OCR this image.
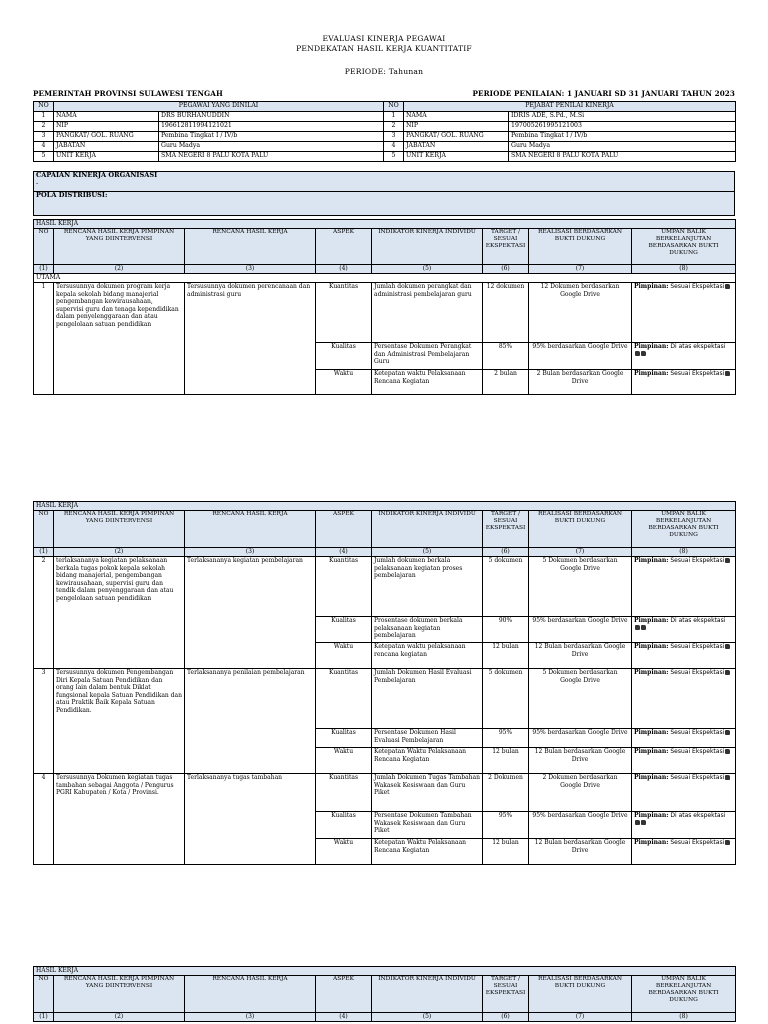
EVALUASI KINERJA PEGAWAI
PENDEKATAN HASIL KERJA KUANTITATIF
PERIODE: Tahunan
PEMERINTAH PROVINSI SULAWESI TENGAH	PERIODE PENILAIAN: 1 JANUARI SD 31 JANUARI TAHUN 2023
NO	PEGAWAI YANG DINILAI		NO	PEJABAT PENILAI KINERJA	
1	NAMA	DRS BURHANUDDIN	1	NAMA	IDRIS ADE, S.Pd., M.Si
2	NIP	196612811994121021	2	NIP	197005261995121003
3	PANGKAT/ GOL. RUANG	Pembina Tingkat I / IV/b	3	PANGKAT/ GOL. RUANG	Pembina Tingkat I / IV/b
4	JABATAN	Guru Madya	4	JABATAN	Guru Madya
5	UNIT KERJA	SMA NEGERI 8 PALU KOTA PALU	5	UNIT KERJA	SMA NEGERI 8 PALU KOTA PALU
CAPAIAN KINERJA ORGANISASI
-

POLA DISTRIBUSI:
HASIL KERJA							
NO	RENCANA HASIL KERJA PIMPINAN YANG DIINTERVENSI	RENCANA HASIL KERJA	ASPEK	INDIKATOR KINERJA INDIVIDU	TARGET / SESUAI EKSPEKTASI	REALISASI BERDASARKAN BUKTI DUKUNG	UMPAN BALIK BERKELANJUTAN BERDASARKAN BUKTI DUKUNG
(1)	(2)	(3)	(4)	(5)	(6)	(7)	(8)
UTAMA							
1	Tersusunnya dokumen program kerja kepala sekolah bidang manajerial pengembangan kewirausahaan, supervisi guru dan tenaga kependidikan dalam penyelenggaraan dan atau pengelolaan satuan pendidikan	Tersusunnya dokumen perencanaan dan administrasi guru	Kuantitas	Jumlah dokumen perangkat dan administrasi pembelajaran guru	12 dokumen	12 Dokumen berdasarkan Google Drive	Pimpinan: Sesuai Ekspektasi
			Kualitas	Persentase Dokumen Perangkat dan Administrasi Pembelajaran Guru	85%	95% berdasarkan Google Drive	Pimpinan: Di atas ekspektasi

			Waktu	Ketepatan waktu Pelaksanaan Rencana Kegiatan	2 bulan	2 Bulan berdasarkan Google Drive	Pimpinan: Sesuai Ekspektasi
HASIL KERJA							
NO	RENCANA HASIL KERJA PIMPINAN YANG DIINTERVENSI	RENCANA HASIL KERJA	ASPEK	INDIKATOR KINERJA INDIVIDU	TARGET / SESUAI EKSPEKTASI	REALISASI BERDASARKAN BUKTI DUKUNG	UMPAN BALIK BERKELANJUTAN BERDASARKAN BUKTI DUKUNG
(1)	(2)	(3)	(4)	(5)	(6)	(7)	(8)
2	terlaksananya kegiatan pelaksanaan berkala tugas pokok kepala sekolah bidang manajerial, pengembangan kewirausahaan, supervisi guru dan tendik dalam penyenggaraan dan atau pengelolaan satuan pendidikan	Terlaksananya kegiatan pembelajaran	Kuantitas	Jumlah dokumen berkala pelaksanaan kegiatan proses pembelajaran	5 dokumen	5 Dokumen berdasarkan Google Drive	Pimpinan: Sesuai Ekspektasi
			Kualitas	Prosentase dokumen berkala pelaksanaan kegiatan pembelajaran	90%	95% berdasarkan Google Drive	Pimpinan: Di atas ekspektasi

			Waktu	Ketepatan waktu pelaksanaan rencana kegiatan	12 bulan	12 Bulan berdasarkan Google Drive	Pimpinan: Sesuai Ekspektasi
3	Tersusunnya dokumen Pengembangan Diri Kepala Satuan Pendidikan dan orang lain dalam bentuk Diklat fungsional kepala Satuan Pendidikan dan atau Praktik Baik Kepala Satuan Pendidikan.	Terlaksananya penilaian pembelajaran	Kuantitas	Jumlah Dokumen Hasil Evaluasi Pembelajaran	5 dokumen	5 Dokumen berdasarkan Google Drive	Pimpinan: Sesuai Ekspektasi
			Kualitas	Persentase Dokumen Hasil Evaluasi Pembelajaran	95%	95% berdasarkan Google Drive	Pimpinan: Sesuai Ekspektasi
			Waktu	Ketepatan Waktu Pelaksanaan Rencana Kegiatan	12 bulan	12 Bulan berdasarkan Google Drive	Pimpinan: Sesuai Ekspektasi
4	Tersusunnya Dokumen kegiatan tugas tambahan sebagai Anggota / Pengurus PGRI Kabupaten / Kota / Provinsi.	Terlaksananya tugas tambahan	Kuantitas	Jumlah Dokumen Tugas Tambahan Wakasek Kesiswaan dan Guru Piket	2 Dokumen	2 Dokumen berdasarkan Google Drive	Pimpinan: Sesuai Ekspektasi
			Kualitas	Persentase Dokumen Tambahan Wakasek Kesiswaan dan Guru Piket	95%	95% berdasarkan Google Drive	Pimpinan: Di atas ekspektasi

			Waktu	Ketepatan Waktu Pelaksanaan Rencana Kegiatan	12 bulan	12 Bulan berdasarkan Google Drive	Pimpinan: Sesuai Ekspektasi
HASIL KERJA							
NO	RENCANA HASIL KERJA PIMPINAN YANG DIINTERVENSI	RENCANA HASIL KERJA	ASPEK	INDIKATOR KINERJA INDIVIDU	TARGET / SESUAI EKSPEKTASI	REALISASI BERDASARKAN BUKTI DUKUNG	UMPAN BALIK BERKELANJUTAN BERDASARKAN BUKTI DUKUNG
(1)	(2)	(3)	(4)	(5)	(6)	(7)	(8)
